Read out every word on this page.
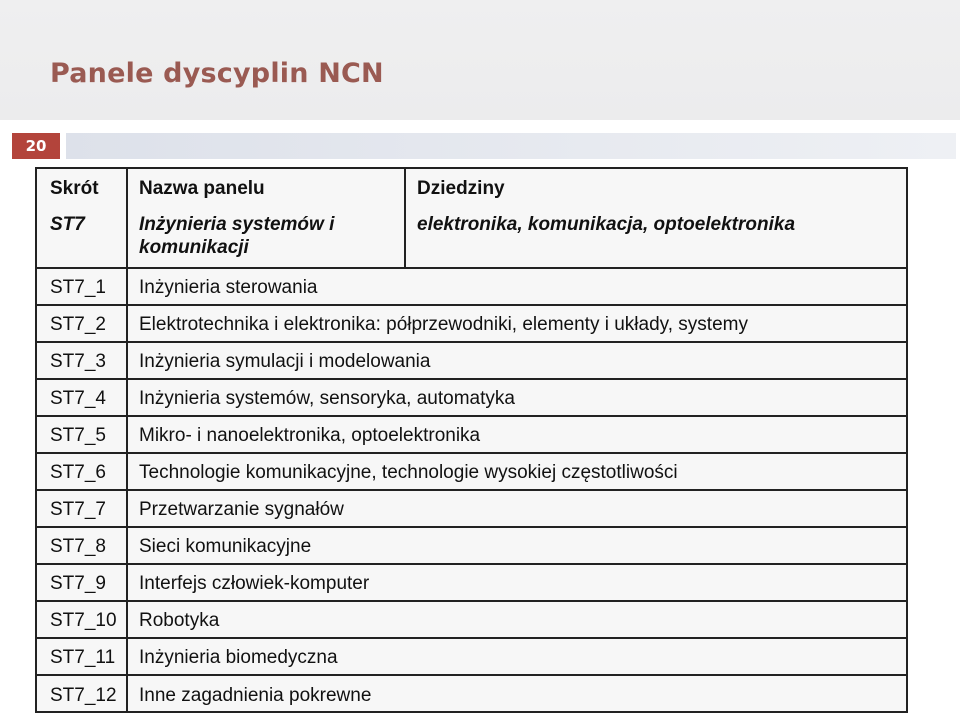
Panele dyscyplin NCN
20
Skrót Nazwa panelu	Dziedziny
ST7	Inżynieria systemów i komunikacji
elektronika, komunikacja, optoelektronika
ST7_1 Inżynieria sterowania
ST7_2 Elektrotechnika i elektronika: półprzewodniki, elementy i układy, systemy
ST7_3 Inżynieria symulacji i modelowania
ST7_4 Inżynieria systemów, sensoryka, automatyka
ST7_5 Mikro- i nanoelektronika, optoelektronika
ST7_6 Technologie komunikacyjne, technologie wysokiej częstotliwości
ST7_7 Przetwarzanie sygnałów
ST7_8 Sieci komunikacyjne
ST7_9 Interfejs człowiek-komputer
ST7_10 Robotyka
ST7_11 Inżynieria biomedyczna
ST7_12 Inne zagadnienia pokrewne
